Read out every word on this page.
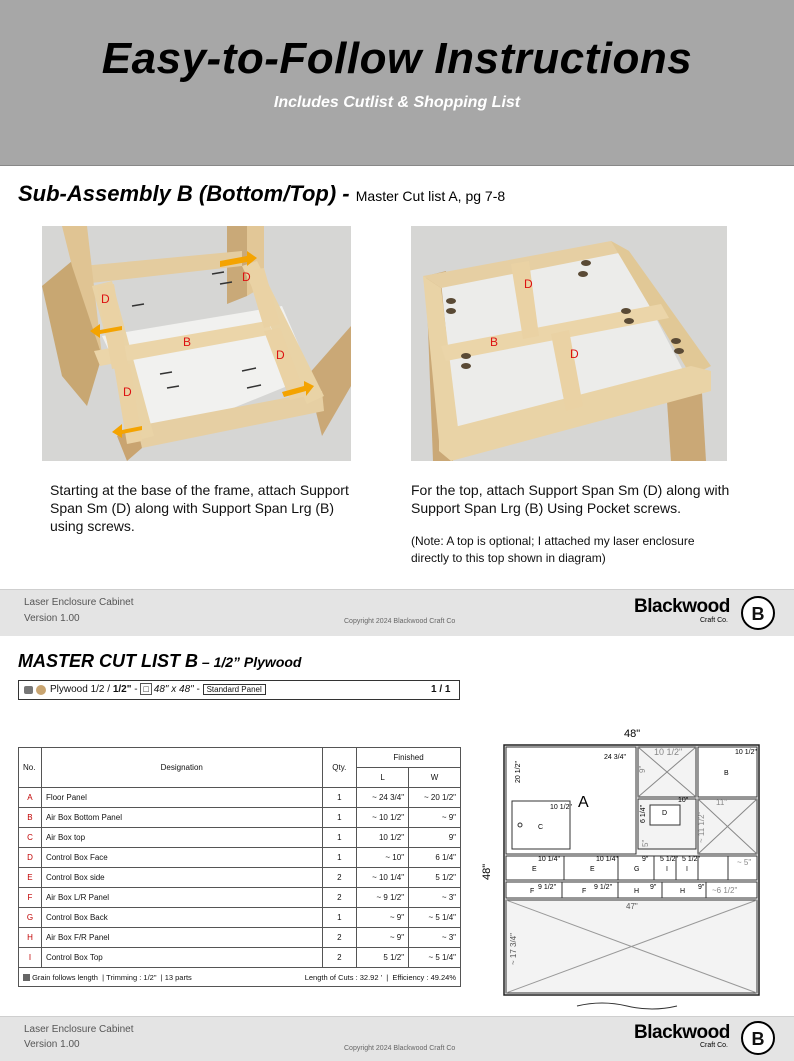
Easy-to-Follow Instructions
Includes Cutlist & Shopping List
Sub-Assembly B (Bottom/Top) - Master Cut list A, pg 7-8
D
D
B
D
D
D
B
D
Starting at the base of the frame, attach Support Span Sm (D) along with Support Span Lrg (B) using screws.
For the top, attach Support Span Sm (D) along with Support Span Lrg (B) Using Pocket screws.
(Note: A top is optional; I attached my laser enclosure directly to this top shown in diagram)
Laser Enclosure Cabinet
Version 1.00	Copyright 2024 Blackwood Craft Co
Blackwood
Craft Co.	B
MASTER CUT LIST B – 1/2” Plywood
Plywood 1/2 / 1/2" - □ 48" x 48" - Standard Panel	1 / 1
No.	Designation	Qty.	Finished	
			L	W
A	Floor Panel	1	~ 24 3/4"	~ 20 1/2"
B	Air Box Bottom Panel	1	~ 10 1/2"	~ 9"
C	Air Box top	1	10 1/2"	9"
D	Control Box Face	1	~ 10"	6 1/4"
E	Control Box side	2	~ 10 1/4"	5 1/2"
F	Air Box L/R Panel	2	~ 9 1/2"	~ 3"
G	Control Box Back	1	~ 9"	~ 5 1/4"
H	Air Box F/R Panel	2	~ 9"	~ 3"
I	Control Box Top	2	5 1/2"	~ 5 1/4"
Grain follows length  | Trimming : 1/2"  | 13 parts Length of Cuts : 32.92 '  |  Efficiency : 49.24%				
48"
48"
24 3/4"
20 1/2"
A
10 1/2"
C
10 1/2"
9"
10 1/2"
B
D
10"
6 1/4"
5"
11"
~ 11 1/2"
10 1/4"
E
10 1/4"
E
9"
G
5 1/2"
I
5 1/2"
I
~ 5"
9 1/2"
F
9 1/2"
F
9"
H
9"
H	~6 1/2"
47"
~ 17 3/4"
Laser Enclosure Cabinet
Version 1.00	Copyright 2024 Blackwood Craft Co
Blackwood
Craft Co.	B
